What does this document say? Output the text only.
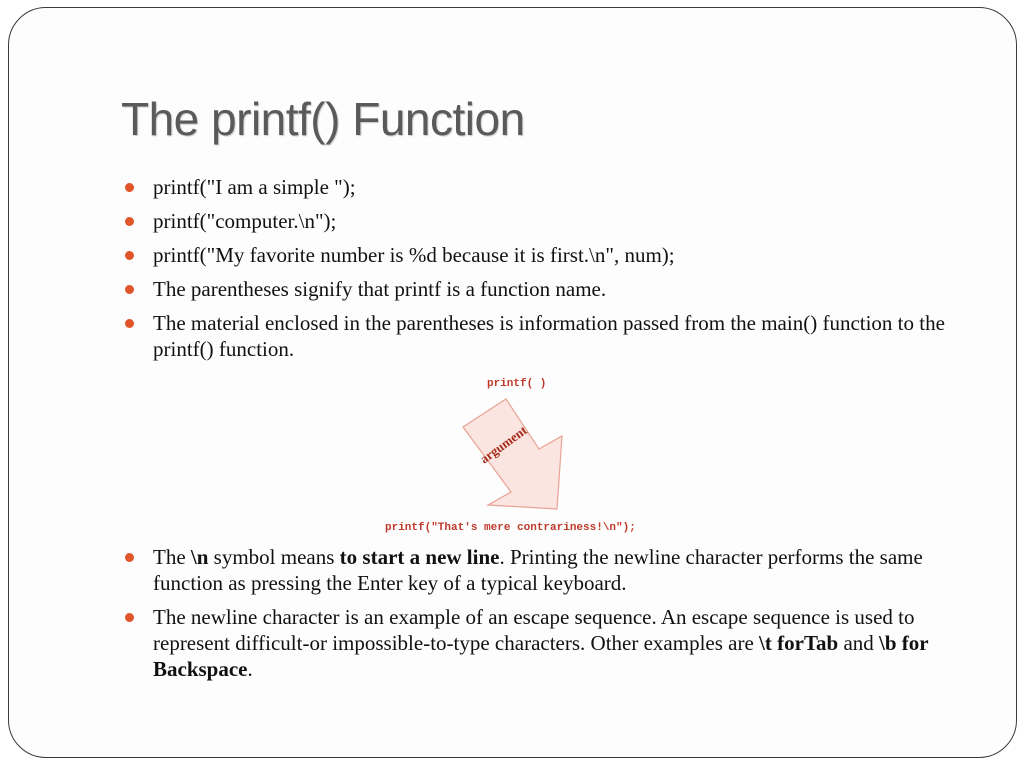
The printf() Function
printf("I am a simple ");
printf("computer.\n");
printf("My favorite number is %d because it is first.\n", num);
The parentheses signify that printf is a function name.
The material enclosed in the parentheses is information passed from the main() function to the printf() function.
printf( )
argument
printf("That's mere contrariness!\n");
The \n symbol means to start a new line. Printing the newline character performs the same function as pressing the Enter key of a typical keyboard.
The newline character is an example of an escape sequence. An escape sequence is used to represent difficult-or impossible-to-type characters. Other examples are \t forTab and \b for Backspace.
